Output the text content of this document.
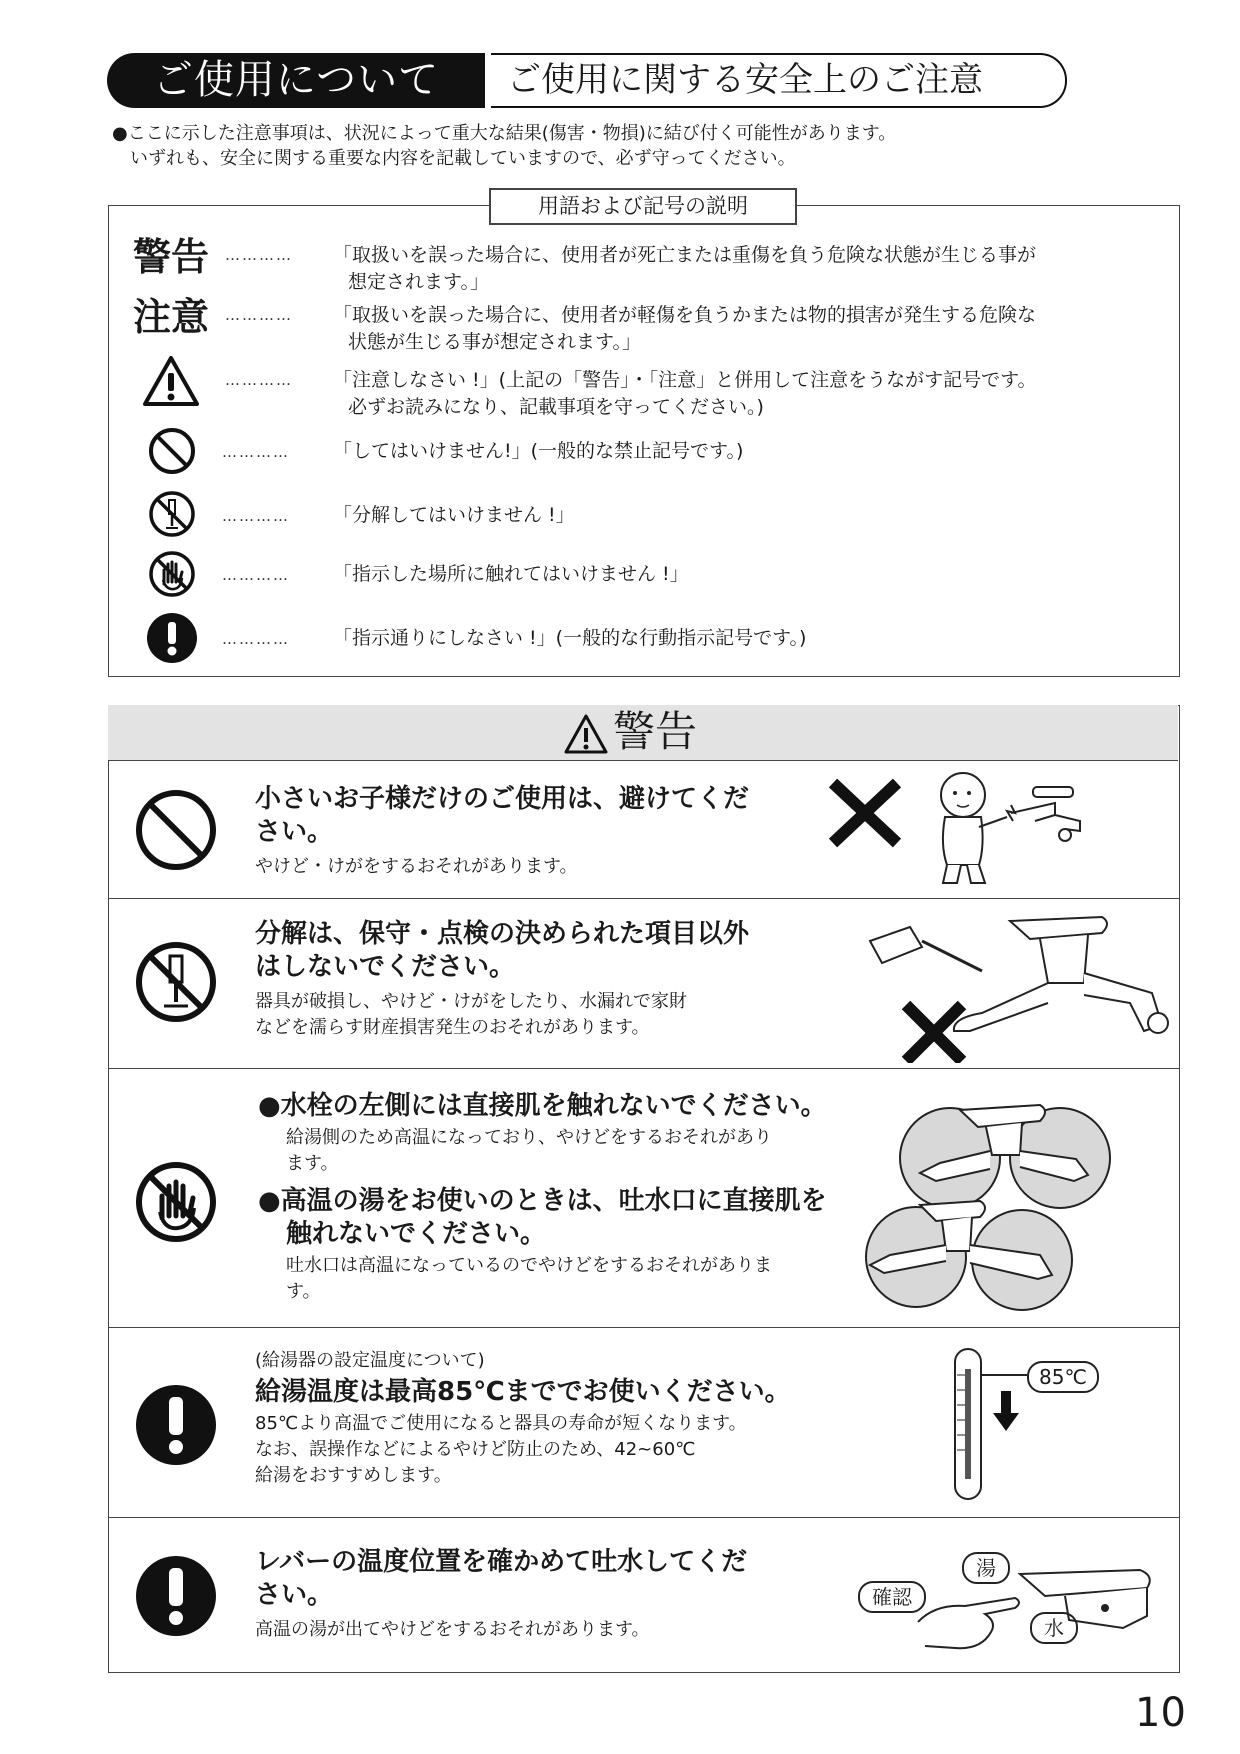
ご使用について	ご使用に関する安全上のご注意

●ここに示した注意事項は、状況によって重大な結果(傷害・物損)に結び付く可能性があります。

いずれも、安全に関する重要な内容を記載していますので、必ず守ってください。

用語および記号の説明
警告 ………… 「取扱いを誤った場合に、使用者が死亡または重傷を負う危険な状態が生じる事が
想定されます。」
注意 ………… 「取扱いを誤った場合に、使用者が軽傷を負うかまたは物的損害が発生する危険な
状態が生じる事が想定されます。」
………… 「注意しなさい !」(上記の「警告」・「注意」と併用して注意をうながす記号です。
必ずお読みになり、記載事項を守ってください。)
………… 「してはいけません!」(一般的な禁止記号です。)
………… 「分解してはいけません !」
………… 「指示した場所に触れてはいけません !」
………… 「指示通りにしなさい !」(一般的な行動指示記号です。)
警告
小さいお子様だけのご使用は、避けてくだ
さい。
やけど・けがをするおそれがあります。
分解は、保守・点検の決められた項目以外
はしないでください。
器具が破損し、やけど・けがをしたり、水漏れで家財
などを濡らす財産損害発生のおそれがあります。
●水栓の左側には直接肌を触れないでください。
給湯側のため高温になっており、やけどをするおそれがあり
ます。
●高温の湯をお使いのときは、吐水口に直接肌を
触れないでください。
吐水口は高温になっているのでやけどをするおそれがありま
す。
(給湯器の設定温度について)
給湯温度は最高85℃まででお使いください。
85℃より高温でご使用になると器具の寿命が短くなります。
なお、誤操作などによるやけど防止のため、42~60℃
給湯をおすすめします。
85℃
レバーの温度位置を確かめて吐水してくだ
さい。
高温の湯が出てやけどをするおそれがあります。
湯
確認
水
10
